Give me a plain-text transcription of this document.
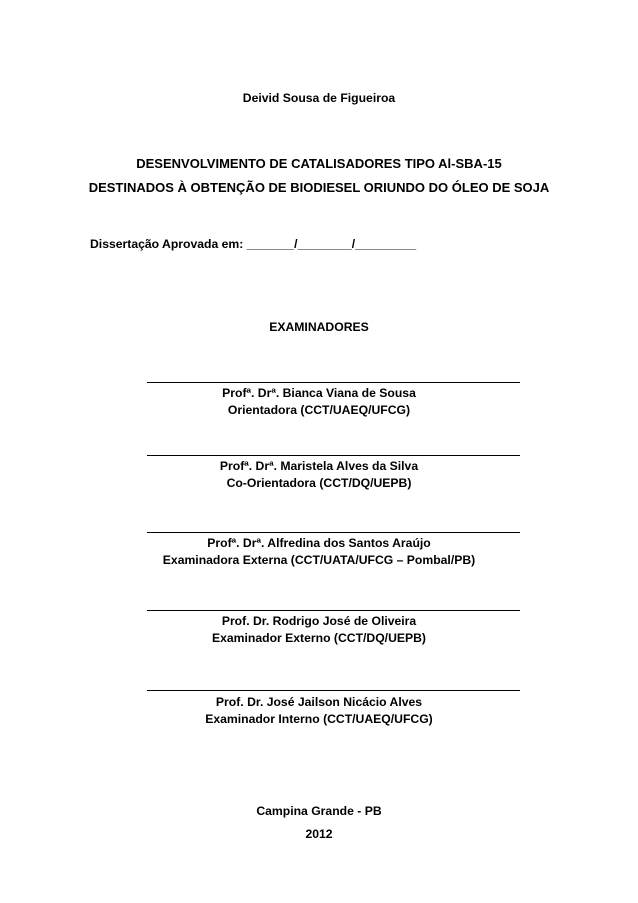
Deivid Sousa de Figueiroa
DESENVOLVIMENTO DE CATALISADORES TIPO Al-SBA-15
DESTINADOS À OBTENÇÃO DE BIODIESEL ORIUNDO DO ÓLEO DE SOJA
Dissertação Aprovada em: _______/________/_________
EXAMINADORES
Profª. Drª. Bianca Viana de Sousa
Orientadora (CCT/UAEQ/UFCG)
Profª. Drª. Maristela Alves da Silva
Co-Orientadora (CCT/DQ/UEPB)
Profª. Drª. Alfredina dos Santos Araújo
Examinadora Externa (CCT/UATA/UFCG – Pombal/PB)
Prof. Dr. Rodrigo José de Oliveira
Examinador Externo (CCT/DQ/UEPB)
Prof. Dr. José Jailson Nicácio Alves
Examinador Interno (CCT/UAEQ/UFCG)
Campina Grande - PB
2012
